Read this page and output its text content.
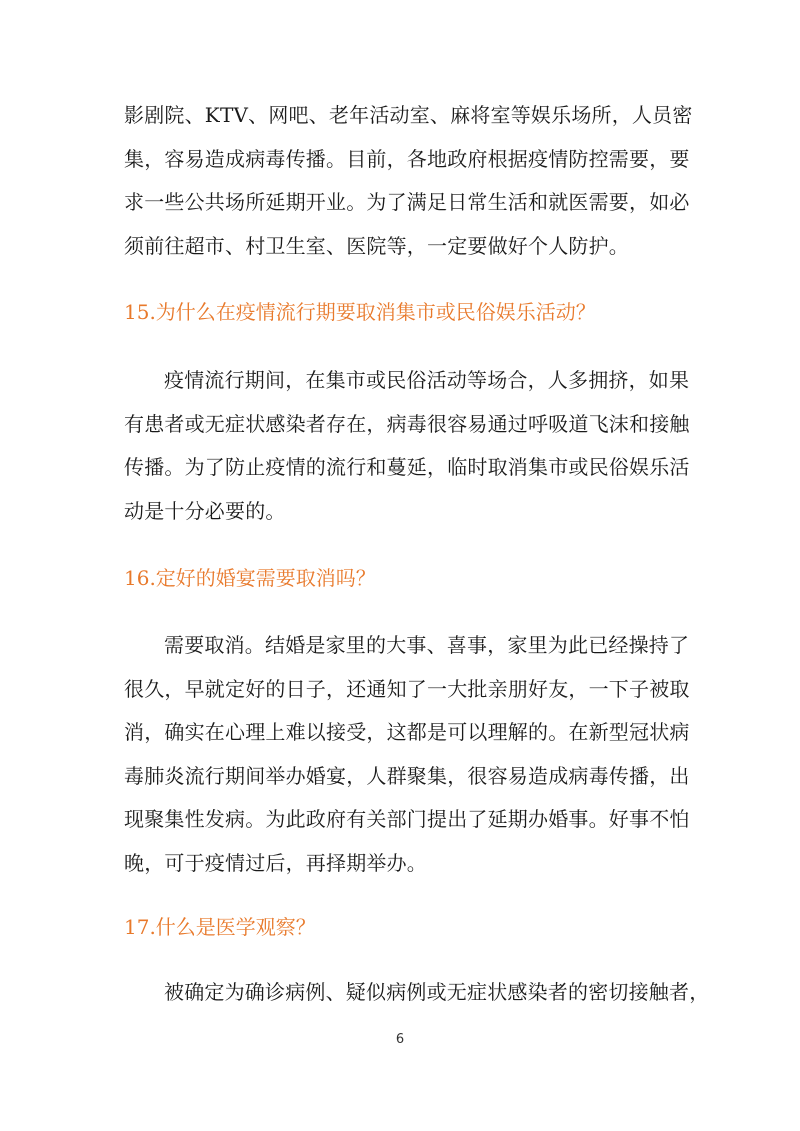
影剧院、KTV、网吧、老年活动室、麻将室等娱乐场所，人员密
集，容易造成病毒传播。目前，各地政府根据疫情防控需要，要
求一些公共场所延期开业。为了满足日常生活和就医需要，如必
须前往超市、村卫生室、医院等，一定要做好个人防护。
15.为什么在疫情流行期要取消集市或民俗娱乐活动？
疫情流行期间，在集市或民俗活动等场合，人多拥挤，如果
有患者或无症状感染者存在，病毒很容易通过呼吸道飞沫和接触
传播。为了防止疫情的流行和蔓延，临时取消集市或民俗娱乐活
动是十分必要的。
16.定好的婚宴需要取消吗？
需要取消。结婚是家里的大事、喜事，家里为此已经操持了
很久，早就定好的日子，还通知了一大批亲朋好友，一下子被取
消，确实在心理上难以接受，这都是可以理解的。在新型冠状病
毒肺炎流行期间举办婚宴，人群聚集，很容易造成病毒传播，出
现聚集性发病。为此政府有关部门提出了延期办婚事。好事不怕
晚，可于疫情过后，再择期举办。
17.什么是医学观察？
被确定为确诊病例、疑似病例或无症状感染者的密切接触者，
6
